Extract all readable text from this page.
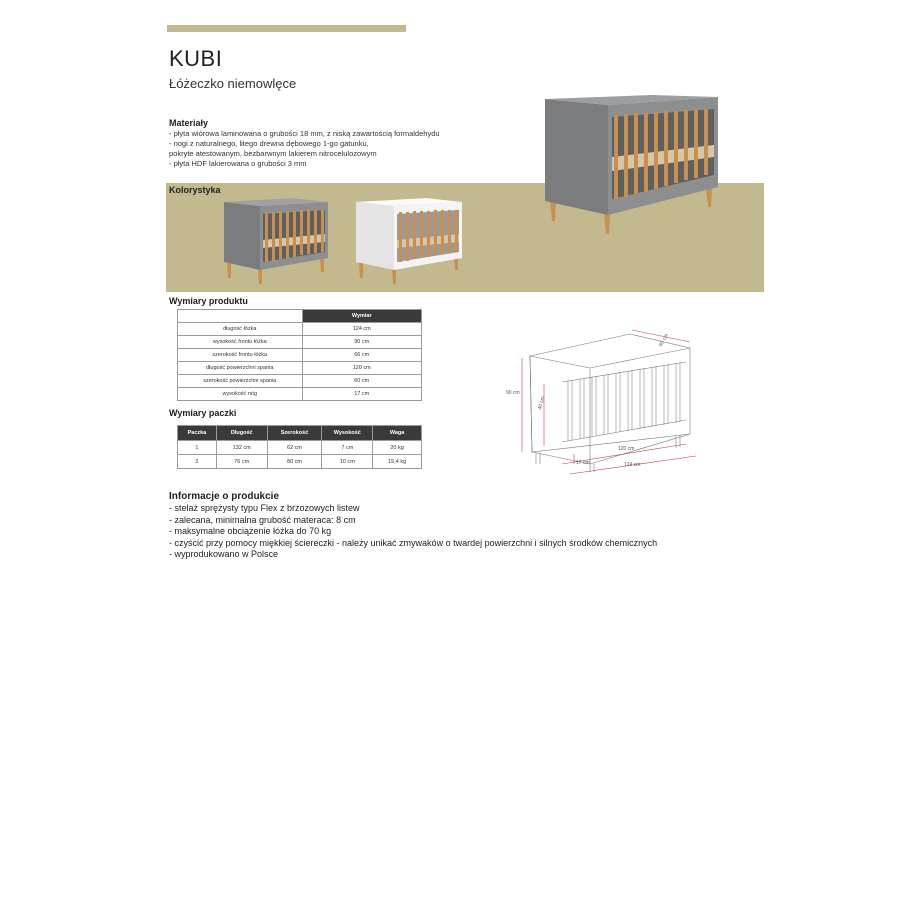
KUBI
Łóżeczko niemowlęce
Materiały
- płyta wiórowa laminowana o grubości 18 mm, z niską zawartością formaldehydu
- nogi z naturalnego, litego drewna dębowego 1-go gatunku,
pokryte atestowanym, bezbarwnym lakierem nitrocelulozowym
- płyta HDF lakierowana o grubości 3 mm
Kolorystyka
Wymiary produktu
	Wymiar
długość łóżka	124 cm
wysokość frontu łóżka	90 cm
szerokość frontu łóżka	66 cm
długość powierzchni spania	120 cm
szerokość powierzchni spania	60 cm
wysokość nóg	17 cm
Wymiary paczki
Paczka	Długość	Szerokość	Wysokość	Waga
1	132 cm	62 cm	7 cm	20 kg
2	76 cm	80 cm	10 cm	15,4 kg
90 cm
40 cm
60 cm
17 cm
120 cm
124 cm
Informacje o produkcie
- stelaż sprężysty typu Flex z brzozowych listew
- zalecana, minimalna grubość materaca: 8 cm
- maksymalne obciążenie łóżka do 70 kg
- czyścić przy pomocy miękkiej ściereczki - należy unikać zmywaków o twardej powierzchni i silnych środków chemicznych
- wyprodukowano w Polsce
